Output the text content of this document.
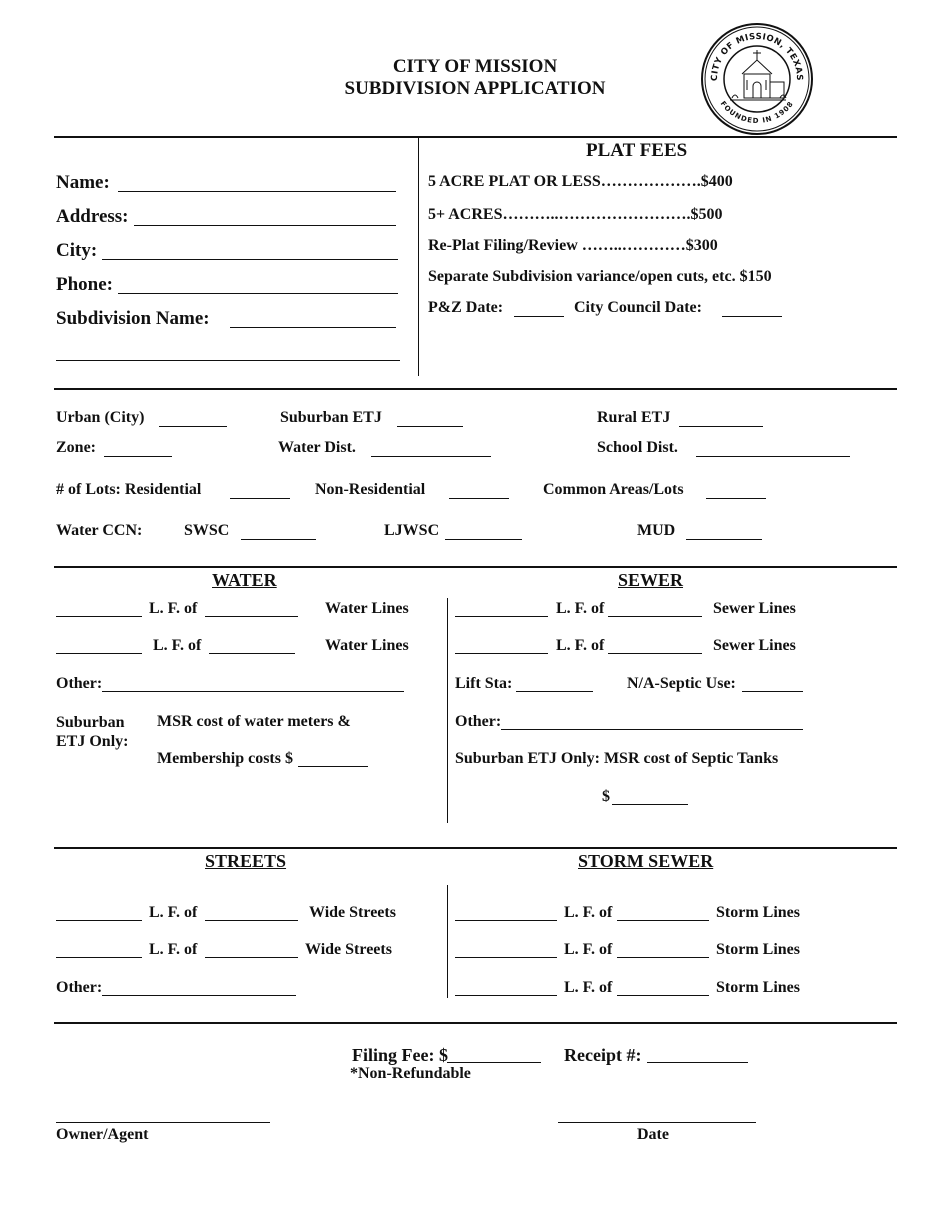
CITY OF MISSION
SUBDIVISION APPLICATION
CITY OF MISSION, TEXAS
FOUNDED IN 1908
Name:
Address:
City:
Phone:
Subdivision Name:
PLAT FEES
5 ACRE PLAT OR LESS……………….$400
5+ ACRES………..…………………….$500
Re-Plat Filing/Review ……..…………$300
Separate Subdivision variance/open cuts, etc. $150
P&Z Date:	City Council Date:
Urban (City)	Suburban ETJ	Rural ETJ
Zone:	Water Dist.	School Dist.
# of Lots: Residential	Non-Residential	Common Areas/Lots
Water CCN:	SWSC	LJWSC	MUD
WATER	SEWER
L. F. of	Water Lines
L. F. of	Water Lines
Other:
Suburban
ETJ Only:
MSR cost of water meters &
Membership costs $
L. F. of	Sewer Lines
L. F. of	Sewer Lines
Lift Sta:	N/A-Septic Use:
Other:
Suburban ETJ Only: MSR cost of Septic Tanks
$
STREETS	STORM SEWER
L. F. of	Wide Streets
L. F. of	Wide Streets
Other:
L. F. of	Storm Lines
L. F. of	Storm Lines
L. F. of	Storm Lines
Filing Fee: $	Receipt #:
*Non-Refundable
Owner/Agent	Date
